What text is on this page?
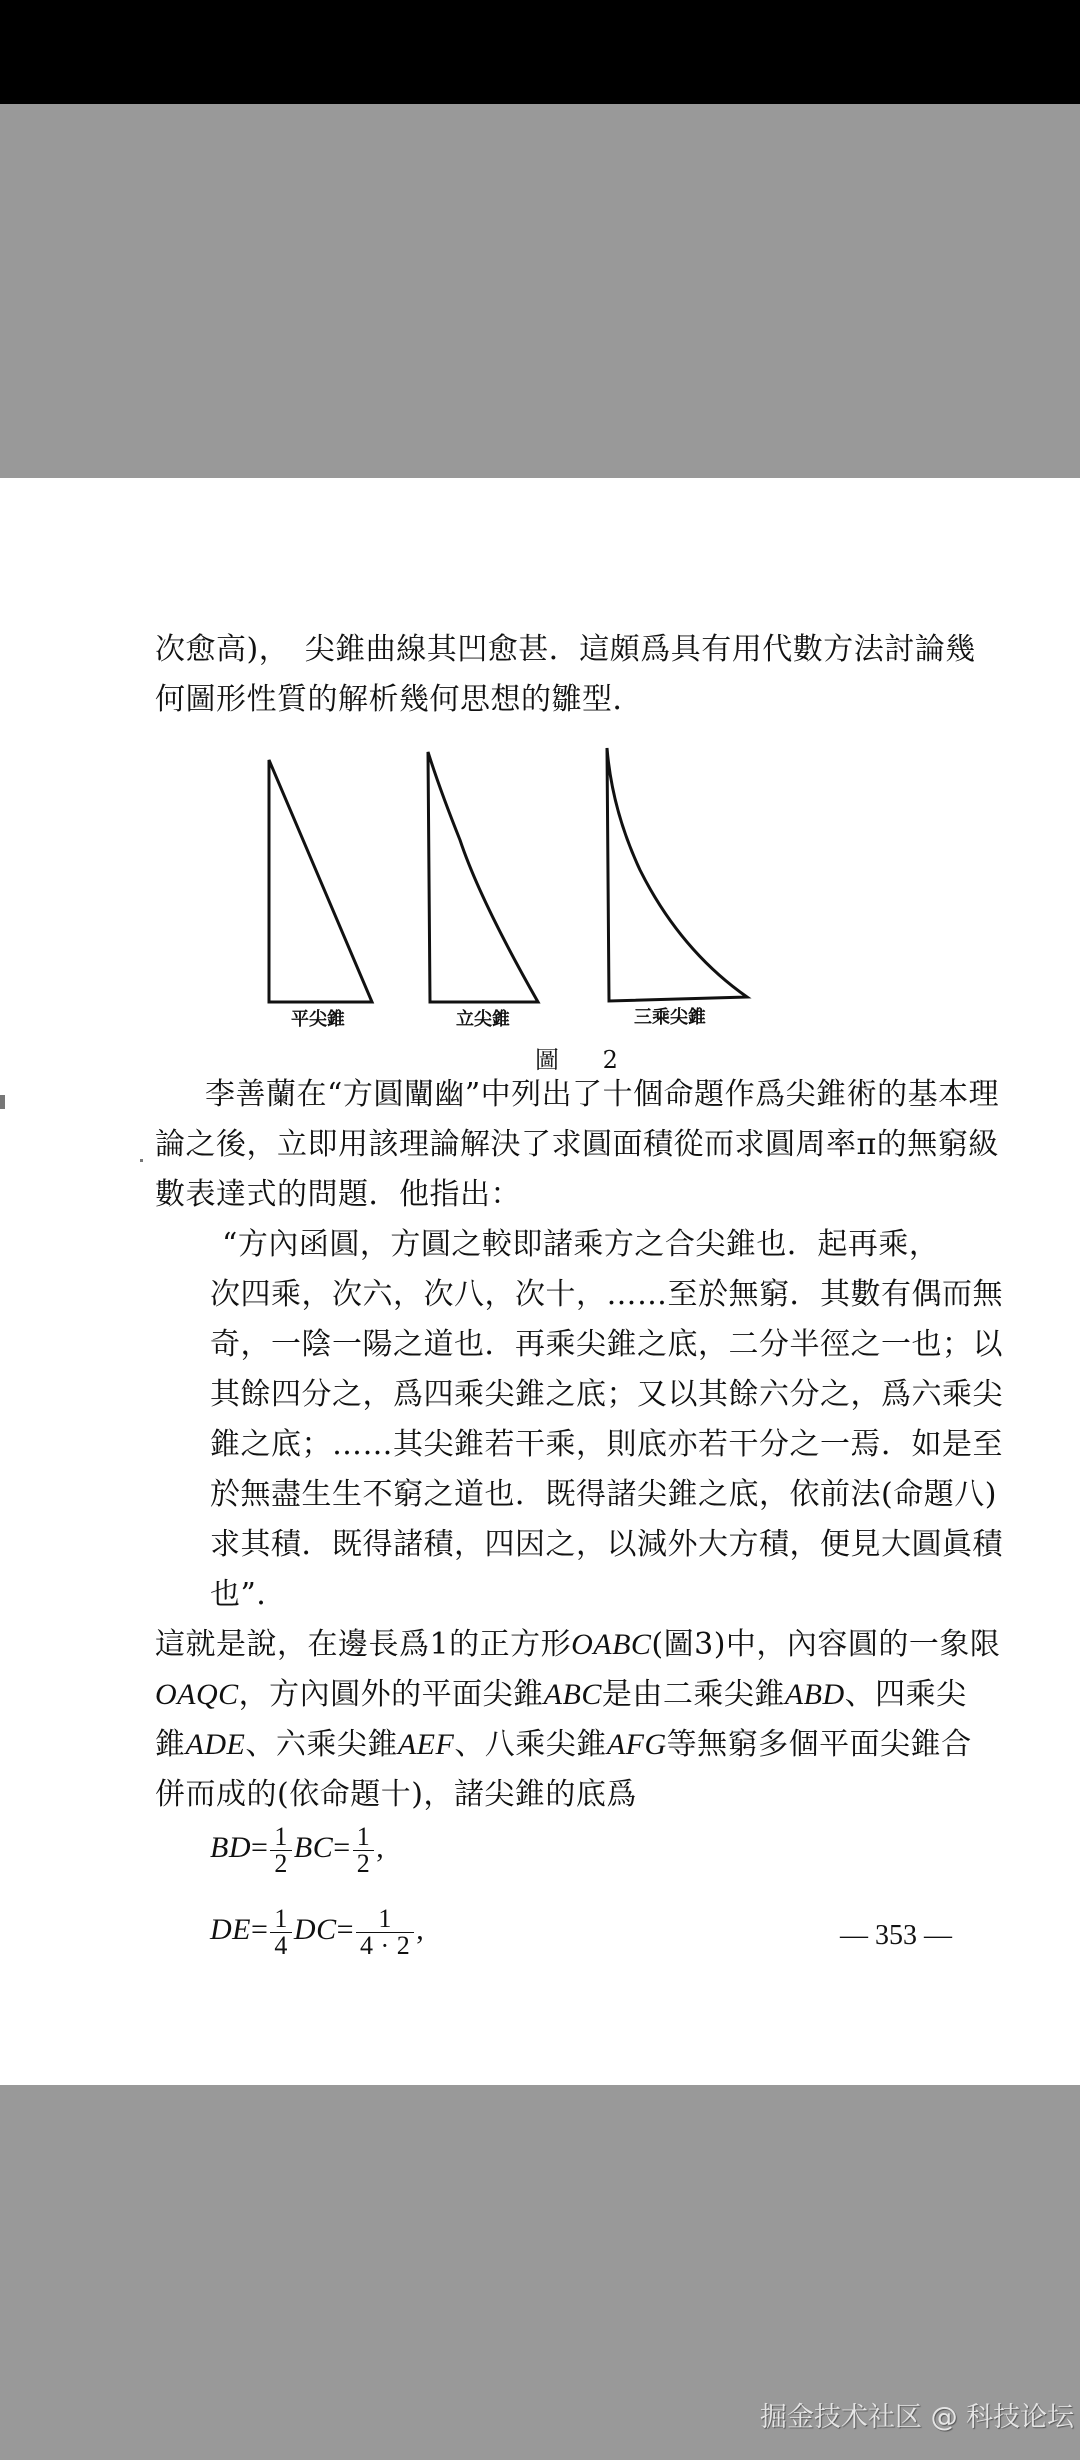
次愈高)，　尖錐曲線其凹愈甚．這頗爲具有用代數方法討論幾
何圖形性質的解析幾何思想的雛型．
平尖錐	立尖錐	三乘尖錐
圖 2
李善蘭在“方圓闡幽”中列出了十個命題作爲尖錐術的基本理
論之後，立即用該理論解決了求圓面積從而求圓周率π的無窮級
數表達式的問題．他指出：
“方內函圓，方圓之較即諸乘方之合尖錐也．起再乘，
次四乘，次六，次八，次十，……至於無窮．其數有偶而無
奇，一陰一陽之道也．再乘尖錐之底，二分半徑之一也；以
其餘四分之，爲四乘尖錐之底；又以其餘六分之，爲六乘尖
錐之底；……其尖錐若干乘，則底亦若干分之一焉．如是至
於無盡生生不窮之道也．既得諸尖錐之底，依前法(命題八)
求其積．既得諸積，四因之，以減外大方積，便見大圓眞積
也”．
這就是說，在邊長爲1的正方形OABC(圖3)中，內容圓的一象限
OAQC，方內圓外的平面尖錐ABC是由二乘尖錐ABD、四乘尖
錐ADE、六乘尖錐AEF、八乘尖錐AFG等無窮多個平面尖錐合
併而成的(依命題十)，諸尖錐的底爲
$BD= \frac{1}{2} BC= \frac{1}{2}$ ,
$DE= \frac{1}{4} DC= \frac{1}{4 \cdot 2}$ ,	— 353 —
掘金技术社区 @ 科技论坛
